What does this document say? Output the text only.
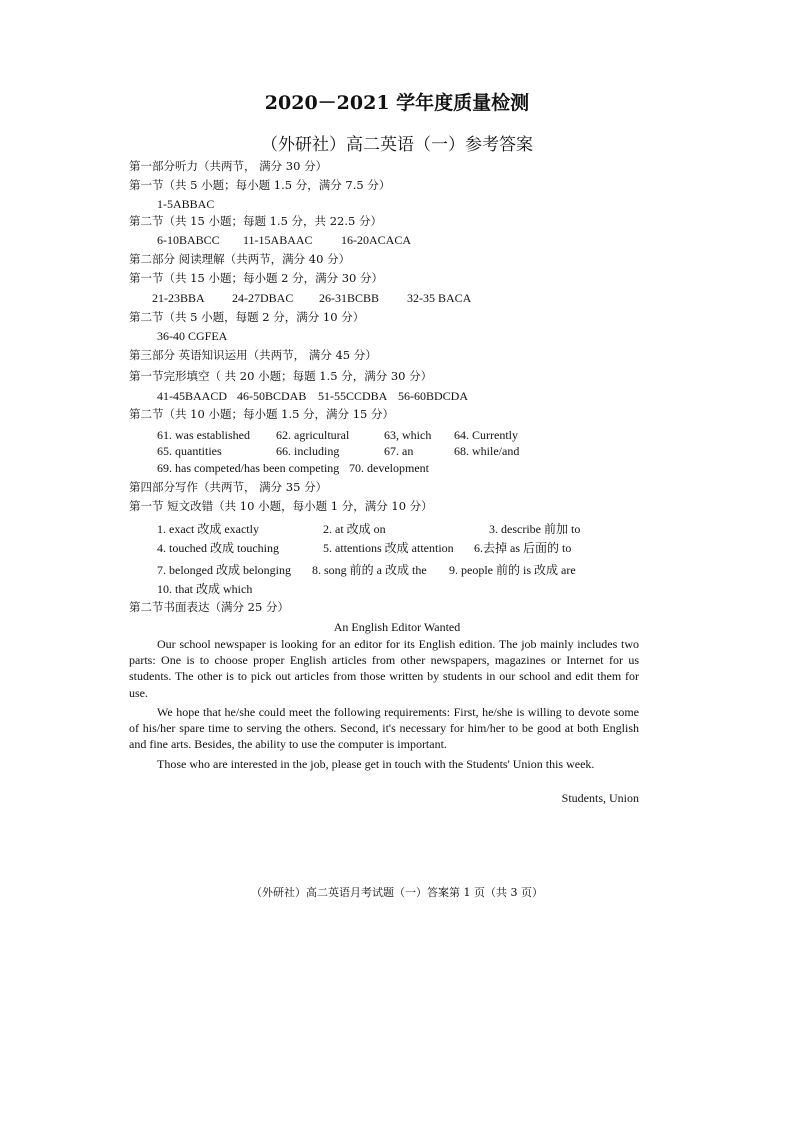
2020－2021 学年度质量检测
（外研社）高二英语（一）参考答案
第一部分听力（共两节， 满分 30 分）
第一节（共 5 小题；每小题 1.5 分，满分 7.5 分）
1-5ABBAC
第二节（共 15 小题；每题 1.5 分，共 22.5 分）
6-10BABCC 11-15ABAAC 16-20ACACA
第二部分 阅读理解（共两节，满分 40 分）
第一节（共 15 小题；每小题 2 分，满分 30 分）
21-23BBA 24-27DBAC 26-31BCBB 32-35 BACA
第二节（共 5 小题，每题 2 分，满分 10 分）
36-40 CGFEA
第三部分 英语知识运用（共两节， 满分 45 分）
第一节完形填空（ 共 20 小题；每题 1.5 分，满分 30 分）
41-45BAACD 46-50BCDAB 51-55CCDBA 56-60BDCDA
第二节（共 10 小题；每小题 1.5 分，满分 15 分）
61. was established 62. agricultural	63, which 64. Currently
65. quantities	66. including	67. an	68. while/and
69. has competed/has been competing 70. development
第四部分写作（共两节， 满分 35 分）
第一节 短文改错（共 10 小题，每小题 1 分，满分 10 分）
1. exact 改成 exactly	2. at 改成 on	3. describe 前加 to
4. touched 改成 touching	5. attentions 改成 attention 6.去掉 as 后面的 to
7. belonged 改成 belonging 8. song 前的 a 改成 the 9. people 前的 is 改成 are
10. that 改成 which
第二节书面表达（满分 25 分）
An English Editor Wanted
Our school newspaper is looking for an editor for its English edition. The job mainly includes two parts: One is to choose proper English articles from other newspapers, magazines or Internet for us students. The other is to pick out articles from those written by students in our school and edit them for use.
We hope that he/she could meet the following requirements: First, he/she is willing to devote some of his/her spare time to serving the others. Second, it's necessary for him/her to be good at both English and fine arts. Besides, the ability to use the computer is important.
Those who are interested in the job, please get in touch with the Students' Union this week.
Students, Union
（外研社）高二英语月考试题（一）答案第 1 页（共 3 页）
